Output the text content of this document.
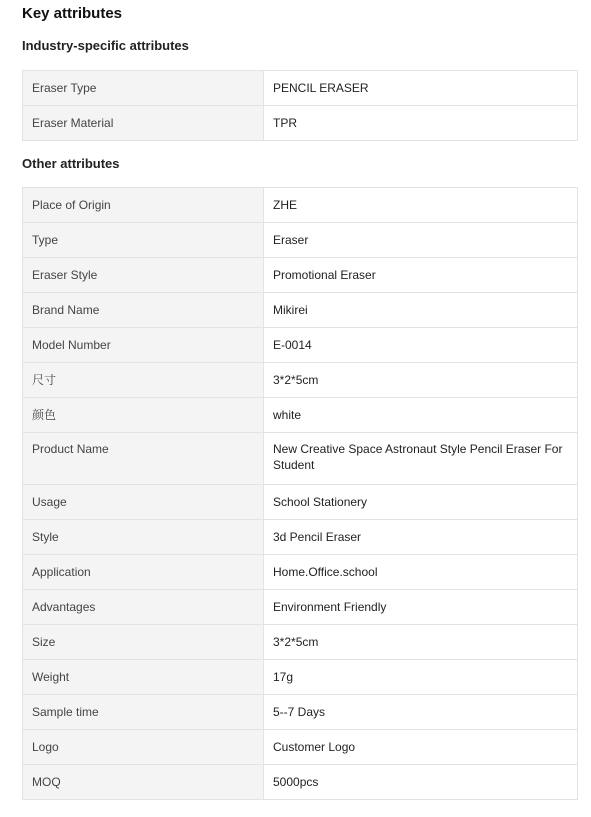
Key attributes
Industry-specific attributes
Eraser Type	PENCIL ERASER
Eraser Material	TPR
Other attributes
Place of Origin	ZHE
Type	Eraser
Eraser Style	Promotional Eraser
Brand Name	Mikirei
Model Number	E-0014
尺寸	3*2*5cm
颜色	white
Product Name	New Creative Space Astronaut Style Pencil Eraser For Student
Usage	School Stationery
Style	3d Pencil Eraser
Application	Home.Office.school
Advantages	Environment Friendly
Size	3*2*5cm
Weight	17g
Sample time	5--7 Days
Logo	Customer Logo
MOQ	5000pcs
